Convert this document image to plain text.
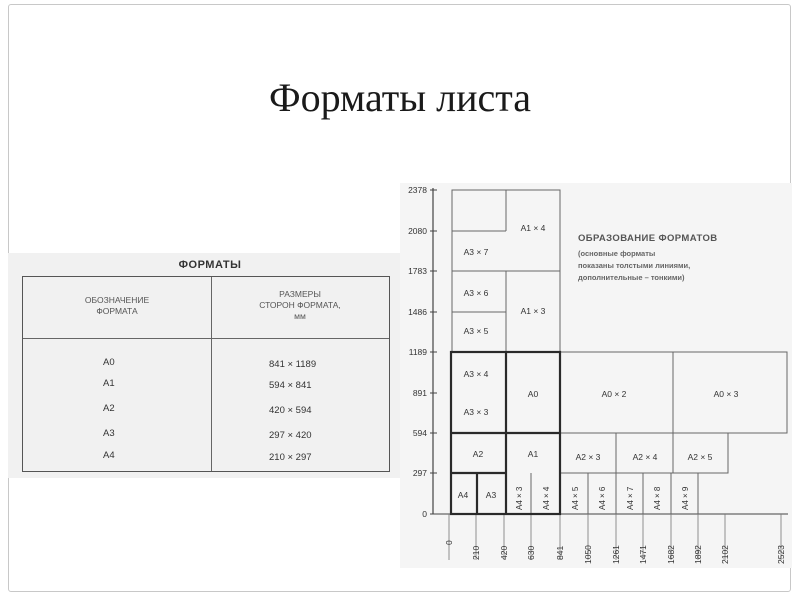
Форматы листа
ФОРМАТЫ
ОБОЗНАЧЕНИЕ
ФОРМАТА
РАЗМЕРЫ
СТОРОН ФОРМАТА,
мм
А0	841 × 1189
А1	594 × 841
А2	420 × 594
А3	297 × 420
А4	210 × 297
0
297
594
891
1189
1486
1783
2080
2378
0
210 420 630 841 1050 1261 1471 1682 1892 2102	2523
А4 А3
А2	А1
А0
А3 × 4
А3 × 3
А3 × 5
А3 × 6
А3 × 7
А1 × 3
А1 × 4
А0 × 2	А0 × 3
А2 × 3	А2 × 4	А2 × 5
А4 × 3 А4 × 4	А4 × 5 А4 × 6 А4 × 7 А4 × 8 А4 × 9
ОБРАЗОВАНИЕ ФОРМАТОВ
(основные форматы
показаны толстыми линиями,
дополнительные – тонкими)
